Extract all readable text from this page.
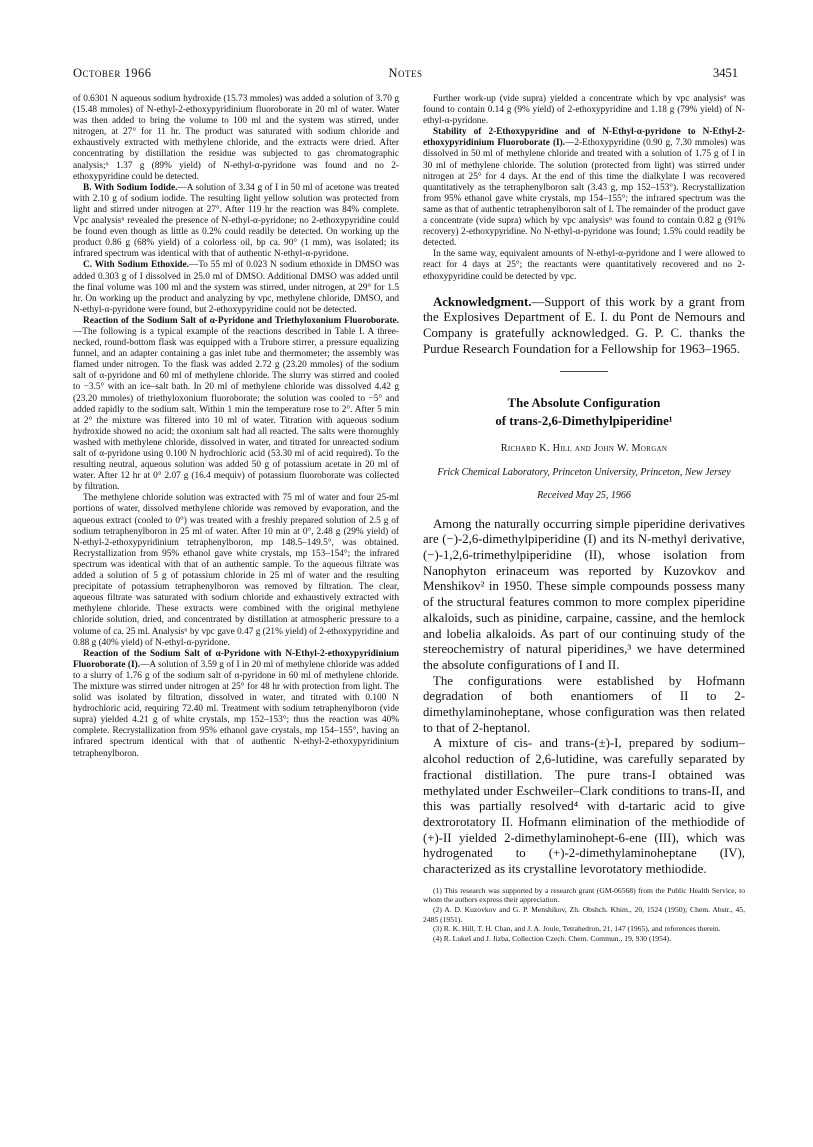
October 1966	Notes	3451

of 0.6301 N aqueous sodium hydroxide (15.73 mmoles) was added a solution of 3.70 g (15.48 mmoles) of N-ethyl-2-ethoxypyridinium fluoroborate in 20 ml of water. Water was then added to bring the volume to 100 ml and the system was stirred, under nitrogen, at 27° for 11 hr. The product was saturated with sodium chloride and exhaustively extracted with methylene chloride, and the extracts were dried. After concentrating by distillation the residue was subjected to gas chromatographic analysis;⁶ 1.37 g (89% yield) of N-ethyl-α-pyridone was found and no 2-ethoxypyridine could be detected.

B. With Sodium Iodide.—A solution of 3.34 g of I in 50 ml of acetone was treated with 2.10 g of sodium iodide. The resulting light yellow solution was protected from light and stirred under nitrogen at 27°. After 119 hr the reaction was 84% complete. Vpc analysis⁶ revealed the presence of N-ethyl-α-pyridone; no 2-ethoxypyridine could be found even though as little as 0.2% could readily be detected. On working up the product 0.86 g (68% yield) of a colorless oil, bp ca. 90° (1 mm), was isolated; its infrared spectrum was identical with that of authentic N-ethyl-α-pyridone.

C. With Sodium Ethoxide.—To 55 ml of 0.023 N sodium ethoxide in DMSO was added 0.303 g of I dissolved in 25.0 ml of DMSO. Additional DMSO was added until the final volume was 100 ml and the system was stirred, under nitrogen, at 29° for 1.5 hr. On working up the product and analyzing by vpc, methylene chloride, DMSO, and N-ethyl-α-pyridone were found, but 2-ethoxypyridine could not be detected.

Reaction of the Sodium Salt of α-Pyridone and Triethyloxonium Fluoroborate.—The following is a typical example of the reactions described in Table I. A three-necked, round-bottom flask was equipped with a Trubore stirrer, a pressure equalizing funnel, and an adapter containing a gas inlet tube and thermometer; the assembly was flamed under nitrogen. To the flask was added 2.72 g (23.20 mmoles) of the sodium salt of α-pyridone and 60 ml of methylene chloride. The slurry was stirred and cooled to −3.5° with an ice–salt bath. In 20 ml of methylene chloride was dissolved 4.42 g (23.20 mmoles) of triethyloxonium fluoroborate; the solution was cooled to −5° and added rapidly to the sodium salt. Within 1 min the temperature rose to 2°. After 5 min at 2° the mixture was filtered into 10 ml of water. Titration with aqueous sodium hydroxide showed no acid; the oxonium salt had all reacted. The salts were thoroughly washed with methylene chloride, dissolved in water, and titrated for unreacted sodium salt of α-pyridone using 0.100 N hydrochloric acid (53.30 ml of acid required). To the resulting neutral, aqueous solution was added 50 g of potassium acetate in 20 ml of water. After 12 hr at 0° 2.07 g (16.4 mequiv) of potassium fluoroborate was collected by filtration.

The methylene chloride solution was extracted with 75 ml of water and four 25-ml portions of water, dissolved methylene chloride was removed by evaporation, and the aqueous extract (cooled to 0°) was treated with a freshly prepared solution of 2.5 g of sodium tetraphenylboron in 25 ml of water. After 10 min at 0°, 2.48 g (29% yield) of N-ethyl-2-ethoxypyridinium tetraphenylboron, mp 148.5–149.5°, was obtained. Recrystallization from 95% ethanol gave white crystals, mp 153–154°; the infrared spectrum was identical with that of an authentic sample. To the aqueous filtrate was added a solution of 5 g of potassium chloride in 25 ml of water and the resulting precipitate of potassium tetraphenylboron was removed by filtration. The clear, aqueous filtrate was saturated with sodium chloride and exhaustively extracted with methylene chloride. These extracts were combined with the original methylene chloride solution, dried, and concentrated by distillation at atmospheric pressure to a volume of ca. 25 ml. Analysis⁶ by vpc gave 0.47 g (21% yield) of 2-ethoxypyridine and 0.88 g (40% yield) of N-ethyl-α-pyridone.

Reaction of the Sodium Salt of α-Pyridone with N-Ethyl-2-ethoxypyridinium Fluoroborate (I).—A solution of 3.59 g of I in 20 ml of methylene chloride was added to a slurry of 1.76 g of the sodium salt of α-pyridone in 60 ml of methylene chloride. The mixture was stirred under nitrogen at 25° for 48 hr with protection from light. The solid was isolated by filtration, dissolved in water, and titrated with 0.100 N hydrochloric acid, requiring 72.40 ml. Treatment with sodium tetraphenylboron (vide supra) yielded 4.21 g of white crystals, mp 152–153°; thus the reaction was 40% complete. Recrystallization from 95% ethanol gave crystals, mp 154–155°, having an infrared spectrum identical with that of authentic N-ethyl-2-ethoxypyridinium tetraphenylboron.

Further work-up (vide supra) yielded a concentrate which by vpc analysis⁶ was found to contain 0.14 g (9% yield) of 2-ethoxypyridine and 1.18 g (79% yield) of N-ethyl-α-pyridone.

Stability of 2-Ethoxypyridine and of N-Ethyl-α-pyridone to N-Ethyl-2-ethoxypyridinium Fluoroborate (I).—2-Ethoxypyridine (0.90 g, 7.30 mmoles) was dissolved in 50 ml of methylene chloride and treated with a solution of 1.75 g of I in 30 ml of methylene chloride. The solution (protected from light) was stirred under nitrogen at 25° for 4 days. At the end of this time the dialkylate I was recovered quantitatively as the tetraphenylboron salt (3.43 g, mp 152–153°). Recrystallization from 95% ethanol gave white crystals, mp 154–155°; the infrared spectrum was the same as that of authentic tetraphenylboron salt of I. The remainder of the product gave a concentrate (vide supra) which by vpc analysis⁶ was found to contain 0.82 g (91% recovery) 2-ethoxypyridine. No N-ethyl-α-pyridone was found; 1.5% could readily be detected.

In the same way, equivalent amounts of N-ethyl-α-pyridone and I were allowed to react for 4 days at 25°; the reactants were quantitatively recovered and no 2-ethoxypyridine could be detected by vpc.

Acknowledgment.—Support of this work by a grant from the Explosives Department of E. I. du Pont de Nemours and Company is gratefully acknowledged. G. P. C. thanks the Purdue Research Foundation for a Fellowship for 1963–1965.

The Absolute Configuration
of trans-2,6-Dimethylpiperidine¹
Richard K. Hill and John W. Morgan
Frick Chemical Laboratory, Princeton University, Princeton, New Jersey
Received May 25, 1966

Among the naturally occurring simple piperidine derivatives are (−)-2,6-dimethylpiperidine (I) and its N-methyl derivative, (−)-1,2,6-trimethylpiperidine (II), whose isolation from Nanophyton erinaceum was reported by Kuzovkov and Menshikov² in 1950. These simple compounds possess many of the structural features common to more complex piperidine alkaloids, such as pinidine, carpaine, cassine, and the hemlock and lobelia alkaloids. As part of our continuing study of the stereochemistry of natural piperidines,³ we have determined the absolute configurations of I and II.

The configurations were established by Hofmann degradation of both enantiomers of II to 2-dimethylaminoheptane, whose configuration was then related to that of 2-heptanol.

A mixture of cis- and trans-(±)-I, prepared by sodium–alcohol reduction of 2,6-lutidine, was carefully separated by fractional distillation. The pure trans-I obtained was methylated under Eschweiler–Clark conditions to trans-II, and this was partially resolved⁴ with d-tartaric acid to give dextrorotatory II. Hofmann elimination of the methiodide of (+)-II yielded 2-dimethylaminohept-6-ene (III), which was hydrogenated to (+)-2-dimethylaminoheptane (IV), characterized as its crystalline levorotatory methiodide.

(1) This research was supported by a research grant (GM-06568) from the Public Health Service, to whom the authors express their appreciation.

(2) A. D. Kuzovkov and G. P. Menshikov, Zh. Obshch. Khim., 20, 1524 (1950); Chem. Abstr., 45, 2485 (1951).

(3) R. K. Hill, T. H. Chan, and J. A. Joule, Tetrahedron, 21, 147 (1965), and references therein.

(4) R. Lukeš and J. Jizba, Collection Czech. Chem. Commun., 19, 930 (1954).
